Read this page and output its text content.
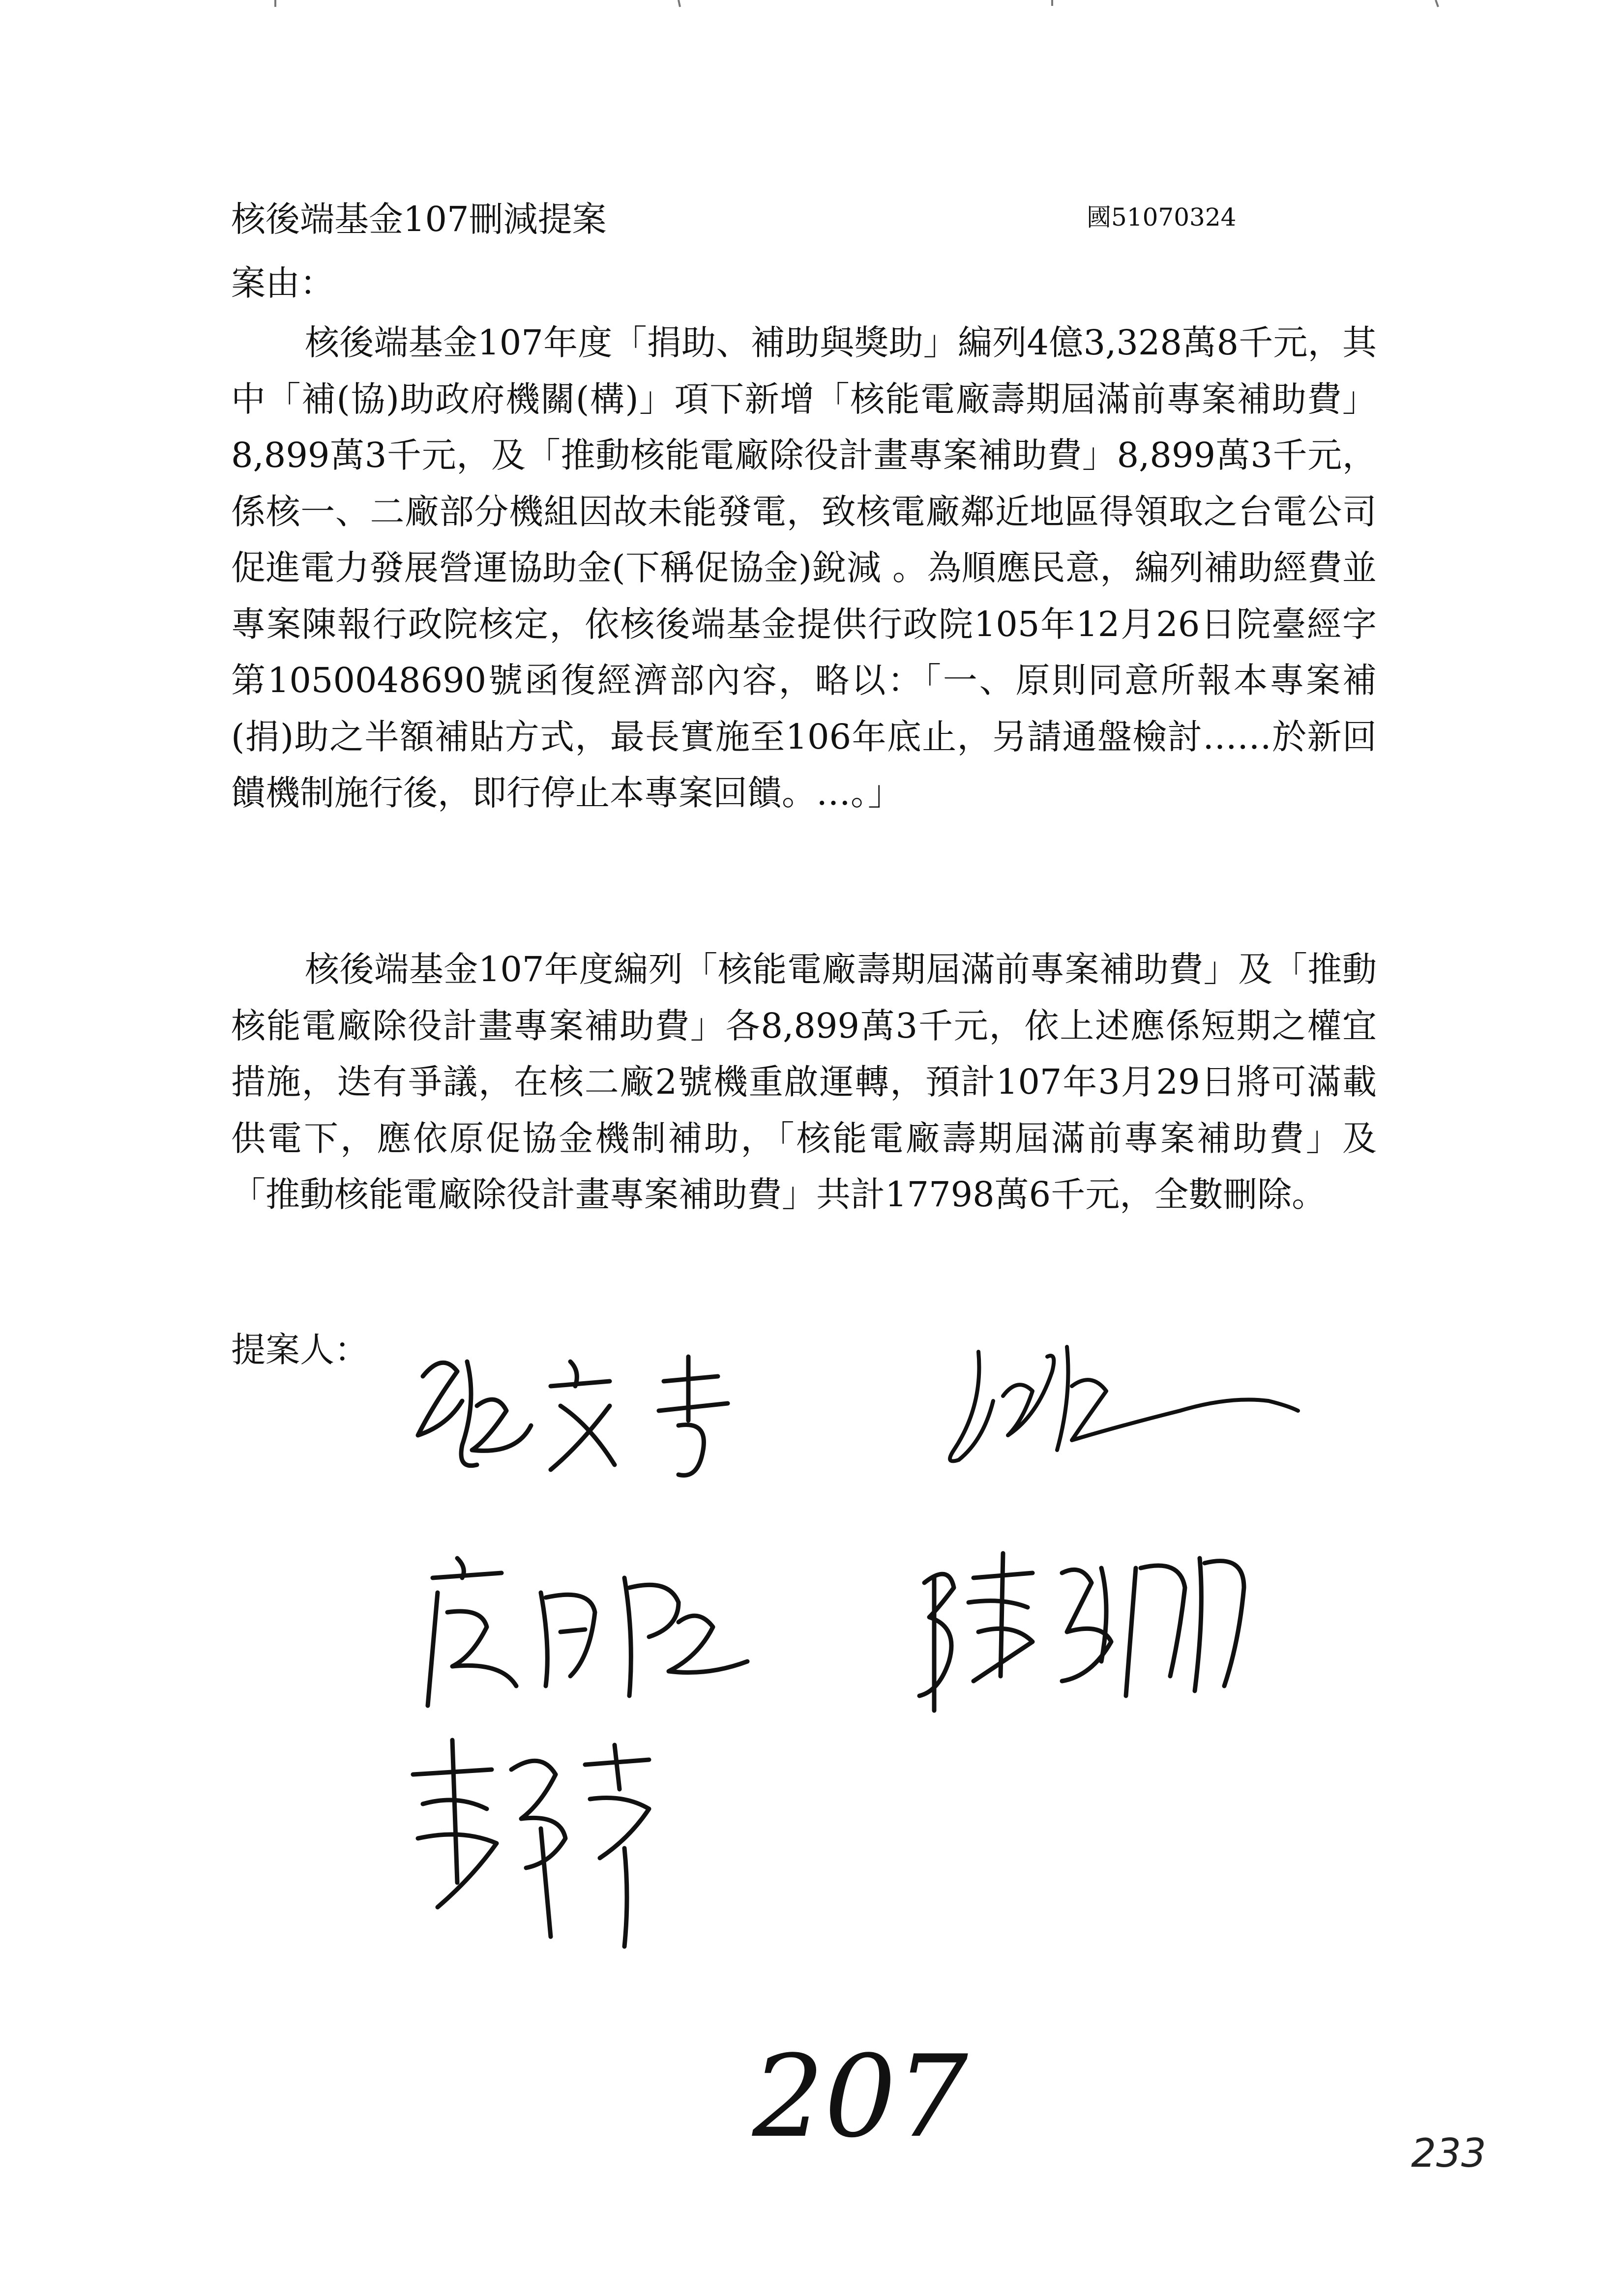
核後端基金107刪減提案	國51070324
案由：

核後端基金107年度「捐助、補助與獎助」編列4億3,328萬8千元，其中「補(協)助政府機關(構)」項下新增「核能電廠壽期屆滿前專案補助費」8,899萬3千元，及「推動核能電廠除役計畫專案補助費」8,899萬3千元，係核一、二廠部分機組因故未能發電，致核電廠鄰近地區得領取之台電公司促進電力發展營運協助金(下稱促協金)銳減 。為順應民意，編列補助經費並專案陳報行政院核定，依核後端基金提供行政院105年12月26日院臺經字第1050048690號函復經濟部內容，略以：「一、原則同意所報本專案補(捐)助之半額補貼方式，最長實施至106年底止，另請通盤檢討……於新回饋機制施行後，即行停止本專案回饋。…。」

核後端基金107年度編列「核能電廠壽期屆滿前專案補助費」及「推動核能電廠除役計畫專案補助費」各8,899萬3千元，依上述應係短期之權宜措施，迭有爭議，在核二廠2號機重啟運轉，預計107年3月29日將可滿載供電下，應依原促協金機制補助，「核能電廠壽期屆滿前專案補助費」及「推動核能電廠除役計畫專案補助費」共計17798萬6千元，全數刪除。

提案人：
207	233
